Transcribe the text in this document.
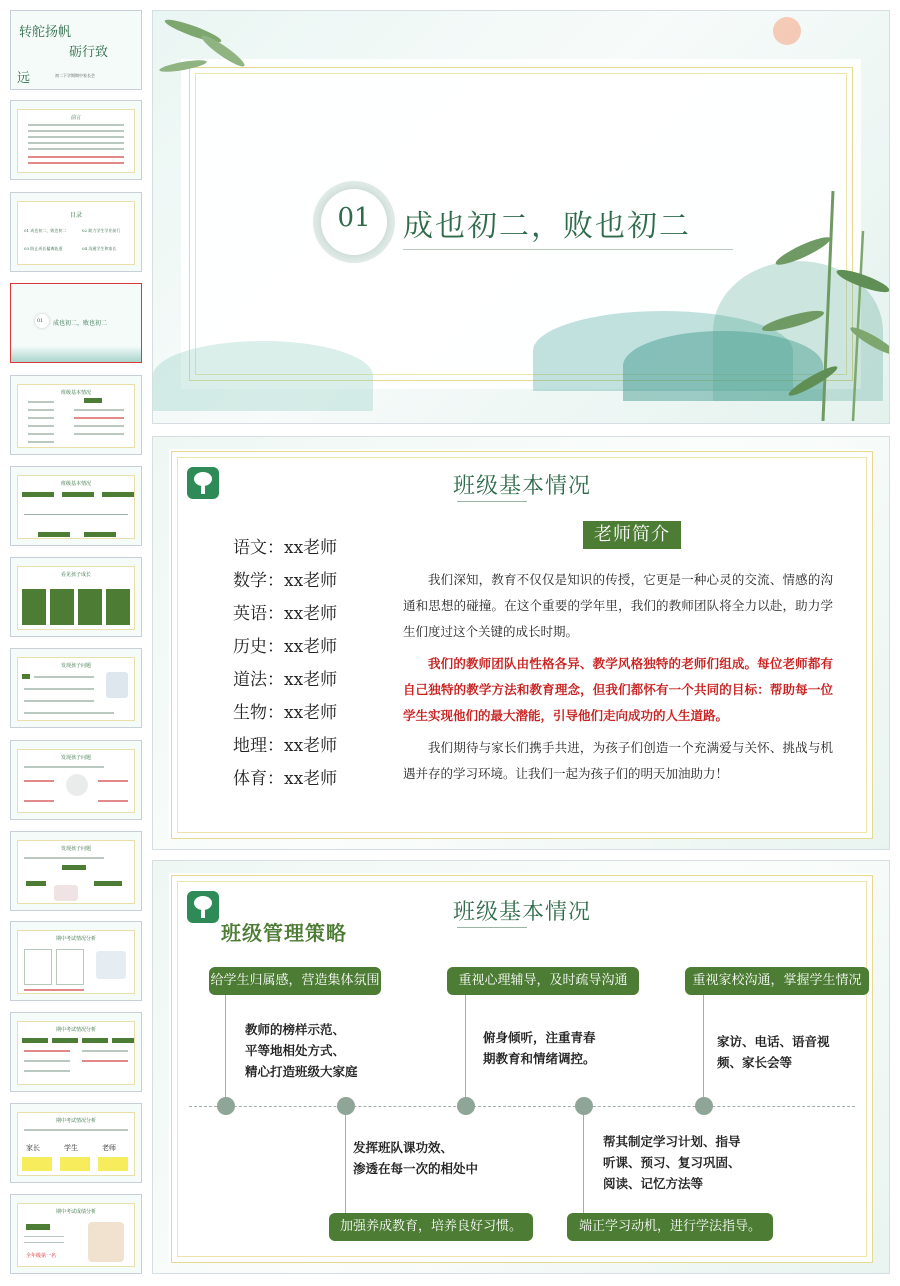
转舵扬帆
砺行致
远	初二下学期期中家长会
前言
目录
01 成也初二，败也初二	02 助力学生学业前行
03 防止成长偏离轨道	04 沟通学生和家长
01 成也初二，败也初二
班级基本情况
班级基本情况
看见孩子成长
发现孩子问题
发现孩子问题
发现孩子问题
期中考试情况分析
期中考试情况分析
期中考试情况分析
家长	学生	老师
期中考试成绩分析
全年级第一名
01	成也初二，败也初二
班级基本情况
语文：xx老师
数学：xx老师
英语：xx老师
历史：xx老师
道法：xx老师
生物：xx老师
地理：xx老师
体育：xx老师
老师简介
我们深知，教育不仅仅是知识的传授，它更是一种心灵的交流、情感的沟通和思想的碰撞。在这个重要的学年里，我们的教师团队将全力以赴，助力学生们度过这个关键的成长时期。
我们的教师团队由性格各异、教学风格独特的老师们组成。每位老师都有自己独特的教学方法和教育理念，但我们都怀有一个共同的目标：帮助每一位学生实现他们的最大潜能，引导他们走向成功的人生道路。
我们期待与家长们携手共进，为孩子们创造一个充满爱与关怀、挑战与机遇并存的学习环境。让我们一起为孩子们的明天加油助力！
班级基本情况
班级管理策略
给学生归属感，营造集体氛围
教师的榜样示范、
平等地相处方式、
精心打造班级大家庭
发挥班队课功效、
渗透在每一次的相处中
加强养成教育，培养良好习惯。
重视心理辅导，及时疏导沟通
俯身倾听，注重青春
期教育和情绪调控。
帮其制定学习计划、指导
听课、预习、复习巩固、
阅读、记忆方法等
端正学习动机，进行学法指导。
重视家校沟通，掌握学生情况
家访、电话、语音视
频、家长会等
